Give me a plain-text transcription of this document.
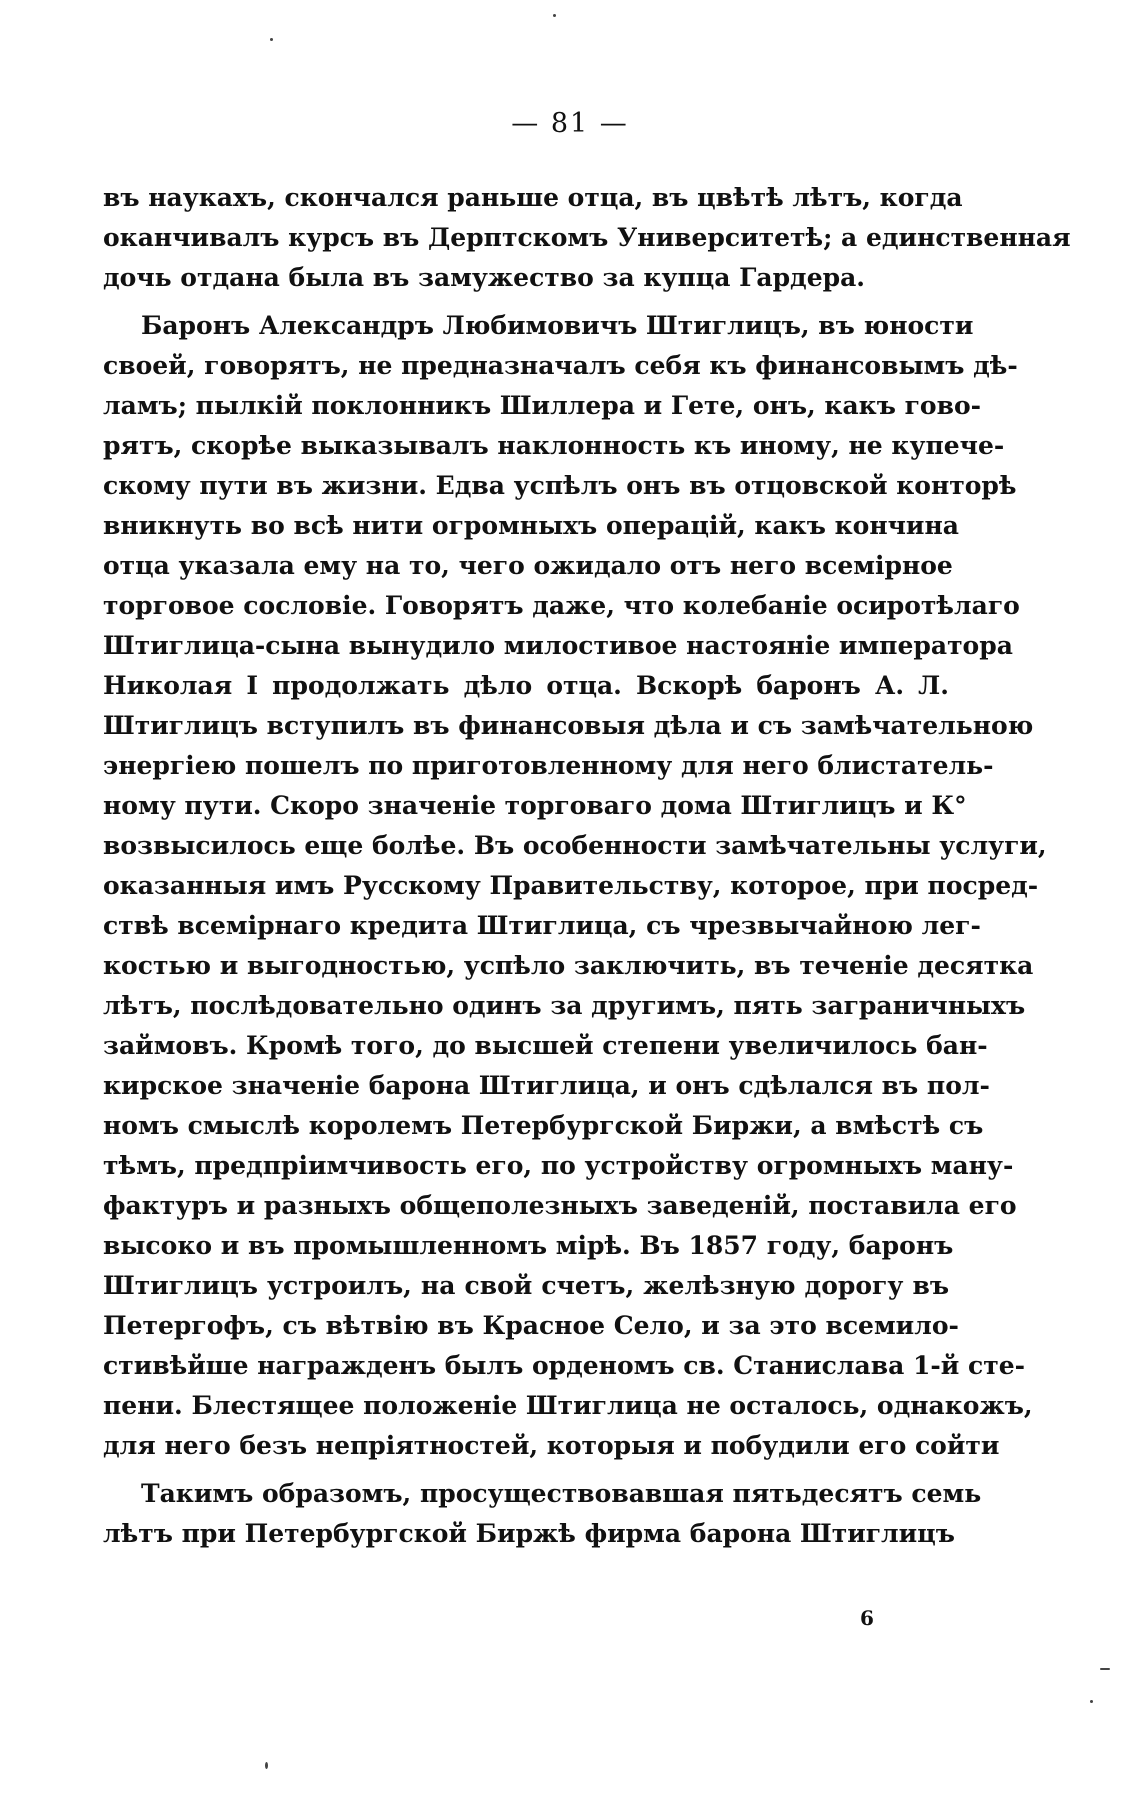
— 81 —
въ наукахъ, скончался раньше отца, въ цвѣтѣ лѣтъ, когда
оканчивалъ курсъ въ Дерптскомъ Университетѣ; а единственная
дочь отдана была въ замужество за купца Гардера.
Баронъ Александръ Любимовичъ Штиглицъ, въ юности
своей, говорятъ, не предназначалъ себя къ финансовымъ дѣ-
ламъ; пылкій поклонникъ Шиллера и Гете, онъ, какъ гово-
рятъ, скорѣе выказывалъ наклонность къ иному, не купече-
скому пути въ жизни. Едва успѣлъ онъ въ отцовской конторѣ
вникнуть во всѣ нити огромныхъ операцій, какъ кончина
отца указала ему на то, чего ожидало отъ него всемірное
торговое сословіе. Говорятъ даже, что колебаніе осиротѣлаго
Штиглица-сына вынудило милостивое настояніе императора
Николая I продолжать дѣло отца. Вскорѣ баронъ А. Л.
Штиглицъ вступилъ въ финансовыя дѣла и съ замѣчательною
энергіею пошелъ по приготовленному для него блистатель-
ному пути. Скоро значеніе торговаго дома Штиглицъ и К°
возвысилось еще болѣе. Въ особенности замѣчательны услуги,
оказанныя имъ Русскому Правительству, которое, при посред-
ствѣ всемірнаго кредита Штиглица, съ чрезвычайною лег-
костью и выгодностью, успѣло заключить, въ теченіе десятка
лѣтъ, послѣдовательно одинъ за другимъ, пять заграничныхъ
займовъ. Кромѣ того, до высшей степени увеличилось бан-
кирское значеніе барона Штиглица, и онъ сдѣлался въ пол-
номъ смыслѣ королемъ Петербургской Биржи, а вмѣстѣ съ
тѣмъ, предпріимчивость его, по устройству огромныхъ ману-
фактуръ и разныхъ общеполезныхъ заведеній, поставила его
высоко и въ промышленномъ мірѣ. Въ 1857 году, баронъ
Штиглицъ устроилъ, на свой счетъ, желѣзную дорогу въ
Петергофъ, съ вѣтвію въ Красное Село, и за это всемило-
стивѣйше награжденъ былъ орденомъ св. Станислава 1-й сте-
пени. Блестящее положеніе Штиглица не осталось, однакожъ,
для него безъ непріятностей, которыя и побудили его сойти
Такимъ образомъ, просуществовавшая пятьдесятъ семь
лѣтъ при Петербургской Биржѣ фирма барона Штиглицъ
6
